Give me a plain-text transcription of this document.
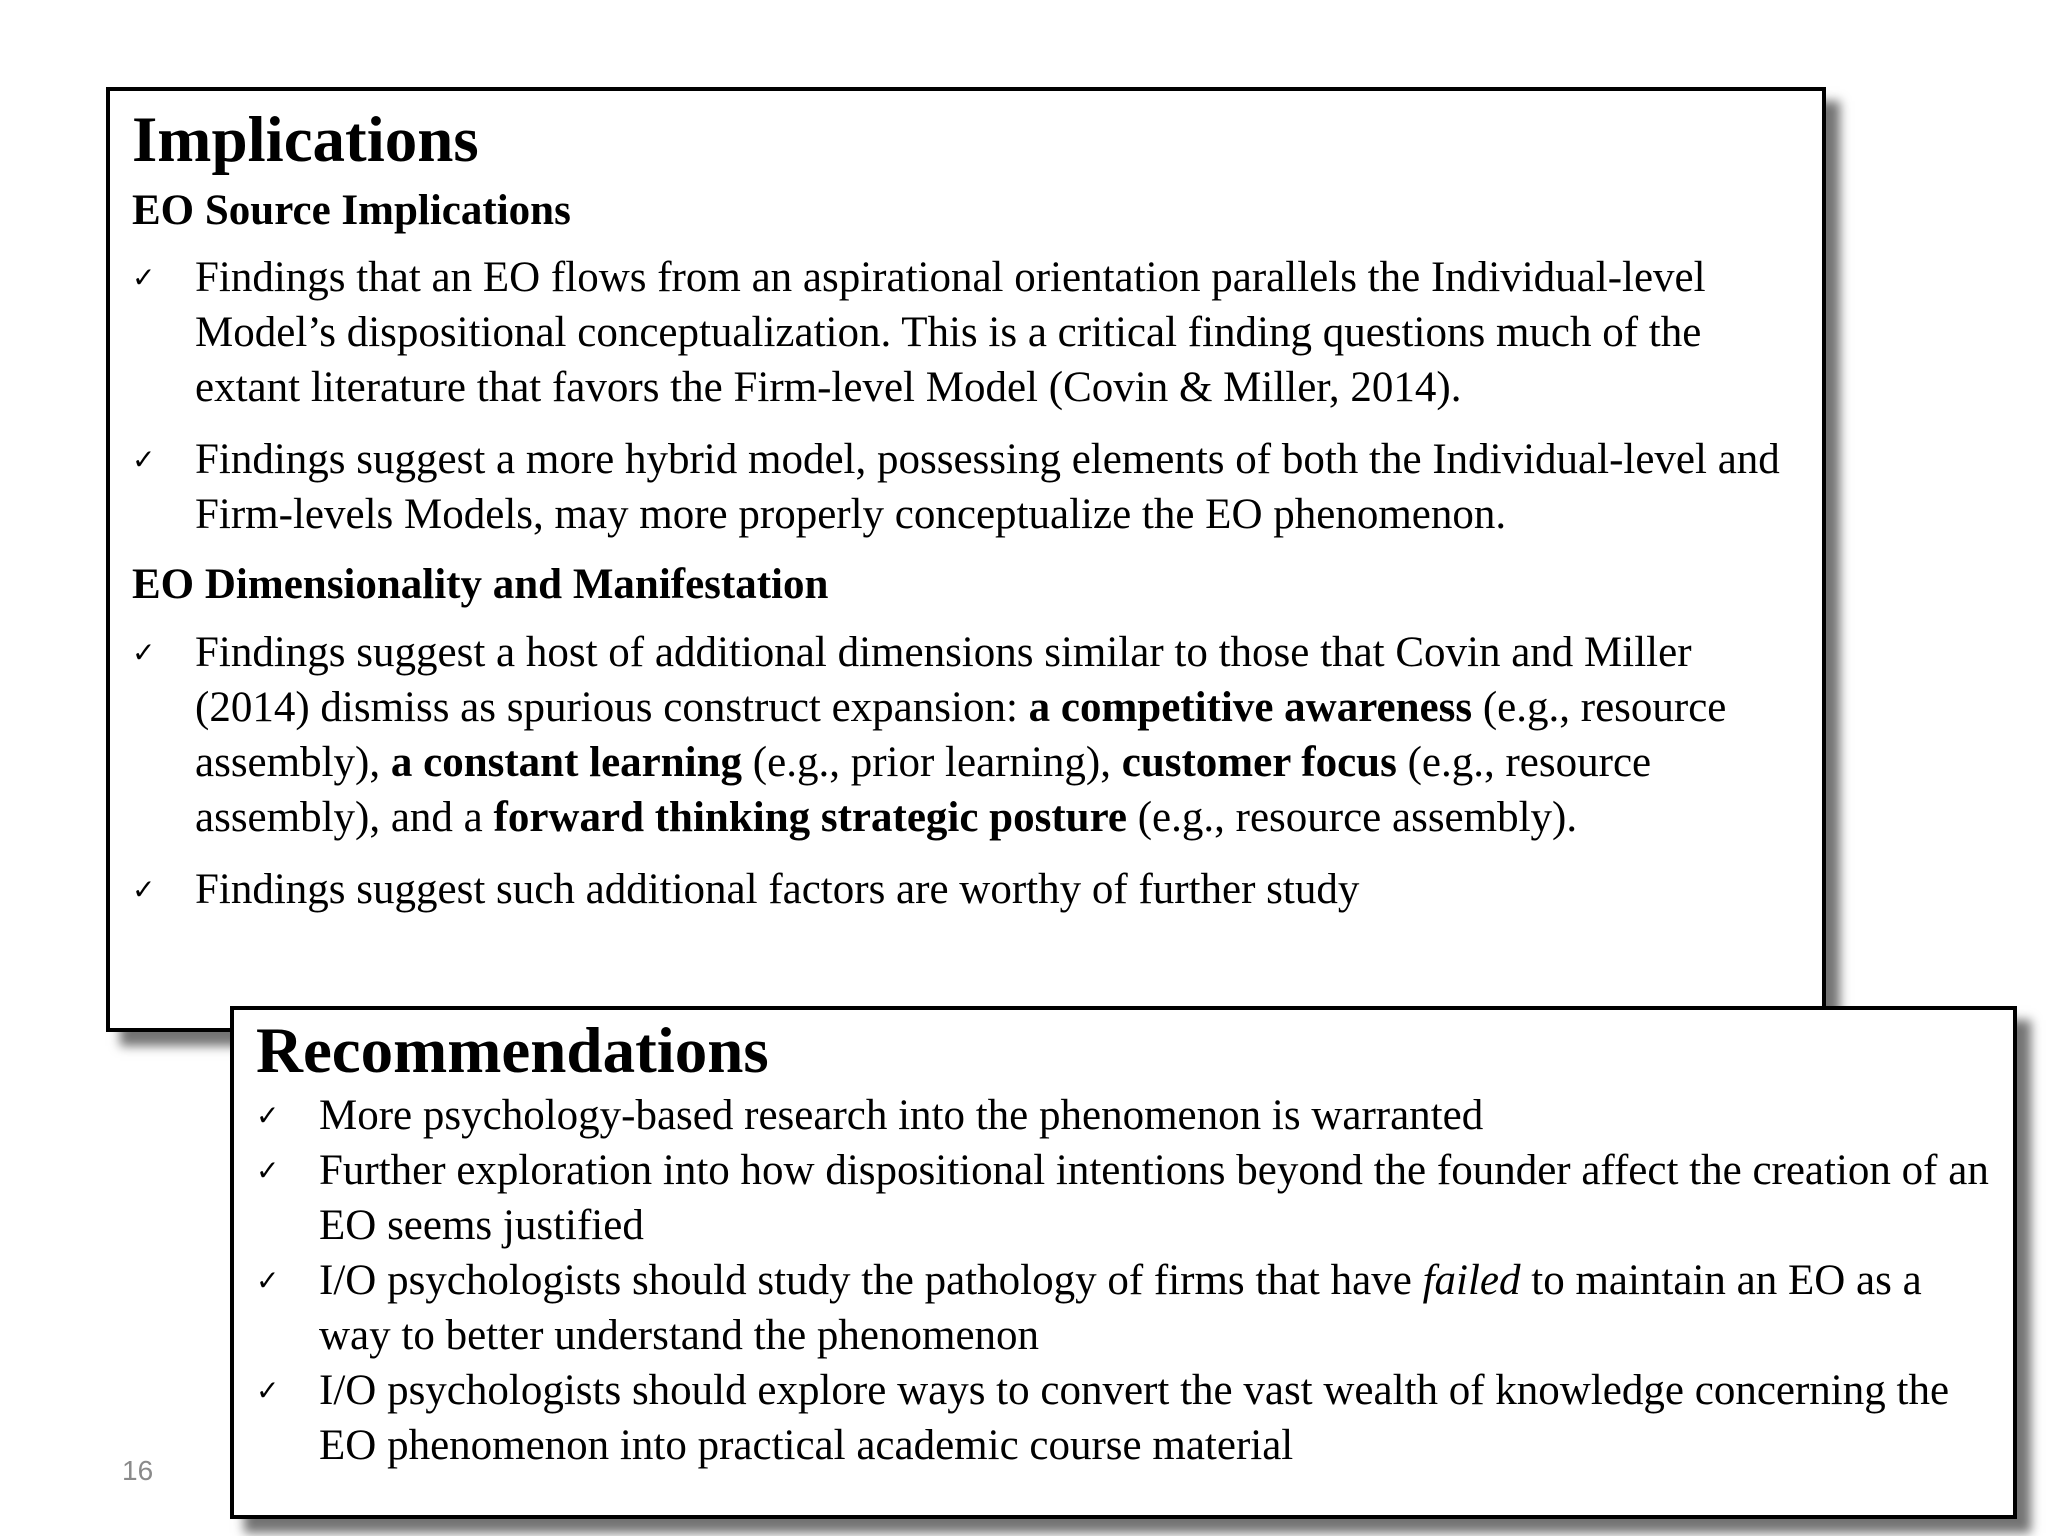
Implications
EO Source Implications
✓ Findings that an EO flows from an aspirational orientation parallels the Individual-level Model’s dispositional conceptualization. This is a critical finding questions much of the extant literature that favors the Firm-level Model (Covin & Miller, 2014).
✓ Findings suggest a more hybrid model, possessing elements of both the Individual-level and Firm-levels Models, may more properly conceptualize the EO phenomenon.
EO Dimensionality and Manifestation
✓ Findings suggest a host of additional dimensions similar to those that Covin and Miller (2014) dismiss as spurious construct expansion: a competitive awareness (e.g., resource assembly), a constant learning (e.g., prior learning), customer focus (e.g., resource assembly), and a forward thinking strategic posture (e.g., resource assembly).
✓ Findings suggest such additional factors are worthy of further study
Recommendations
✓ More psychology-based research into the phenomenon is warranted
✓ Further exploration into how dispositional intentions beyond the founder affect the creation of an EO seems justified
✓ I/O psychologists should study the pathology of firms that have failed to maintain an EO as a way to better understand the phenomenon
✓ I/O psychologists should explore ways to convert the vast wealth of knowledge concerning the EO phenomenon into practical academic course material
16
